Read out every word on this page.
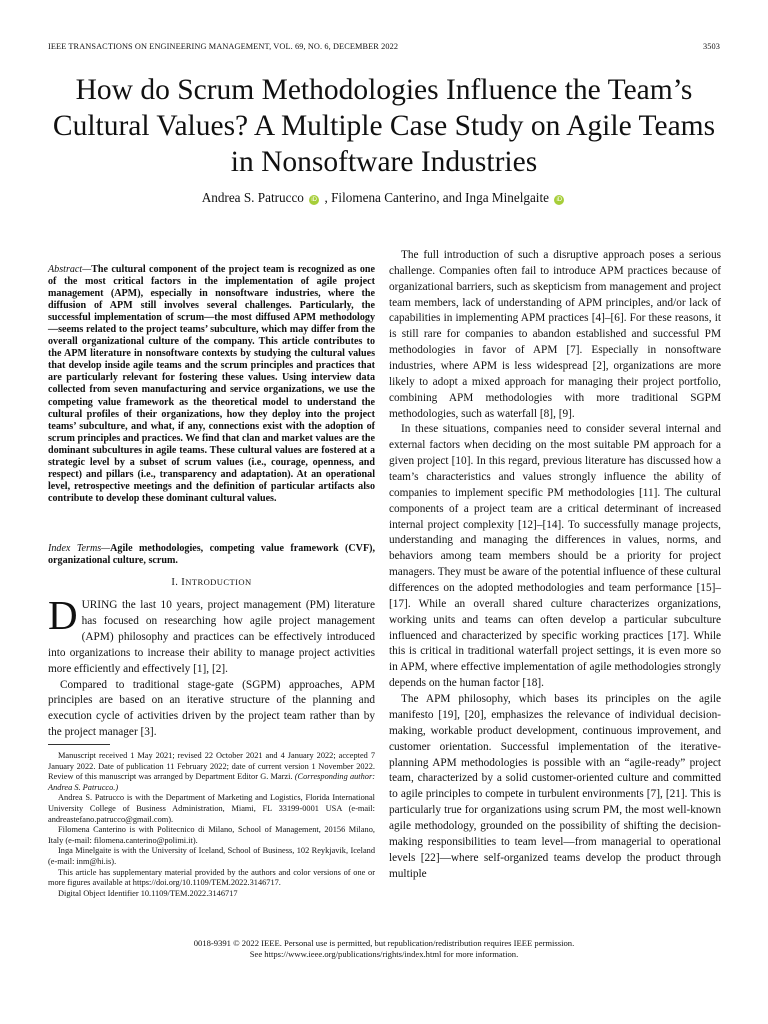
IEEE TRANSACTIONS ON ENGINEERING MANAGEMENT, VOL. 69, NO. 6, DECEMBER 2022	3503
How do Scrum Methodologies Influence the Team’s Cultural Values? A Multiple Case Study on Agile Teams in Nonsoftware Industries
Andrea S. Patrucco iD , Filomena Canterino, and Inga Minelgaite iD
Abstract—The cultural component of the project team is recognized as one of the most critical factors in the implementation of agile project management (APM), especially in nonsoftware industries, where the diffusion of APM still involves several challenges. Particularly, the successful implementation of scrum—the most diffused APM methodology—seems related to the project teams’ subculture, which may differ from the overall organizational culture of the company. This article contributes to the APM literature in nonsoftware contexts by studying the cultural values that develop inside agile teams and the scrum principles and practices that are particularly relevant for fostering these values. Using interview data collected from seven manufacturing and service organizations, we use the competing value framework as the theoretical model to understand the cultural profiles of their organizations, how they deploy into the project teams’ subculture, and what, if any, connections exist with the adoption of scrum principles and practices. We find that clan and market values are the dominant subcultures in agile teams. These cultural values are fostered at a strategic level by a subset of scrum values (i.e., courage, openness, and respect) and pillars (i.e., transparency and adaptation). At an operational level, retrospective meetings and the definition of particular artifacts also contribute to develop these dominant cultural values.
Index Terms—Agile methodologies, competing value framework (CVF), organizational culture, scrum.
I. INTRODUCTION

DURING the last 10 years, project management (PM) literature has focused on researching how agile project management (APM) philosophy and practices can be effectively introduced into organizations to increase their ability to manage project activities more efficiently and effectively [1], [2].

Compared to traditional stage-gate (SGPM) approaches, APM principles are based on an iterative structure of the planning and execution cycle of activities driven by the project team rather than by the project manager [3].

Manuscript received 1 May 2021; revised 22 October 2021 and 4 January 2022; accepted 7 January 2022. Date of publication 11 February 2022; date of current version 1 November 2022. Review of this manuscript was arranged by Department Editor G. Marzi. (Corresponding author: Andrea S. Patrucco.)

Andrea S. Patrucco is with the Department of Marketing and Logistics, Florida International University College of Business Administration, Miami, FL 33199-0001 USA (e-mail: andreastefano.patrucco@gmail.com).

Filomena Canterino is with Politecnico di Milano, School of Management, 20156 Milano, Italy (e-mail: filomena.canterino@polimi.it).

Inga Minelgaite is with the University of Iceland, School of Business, 102 Reykjavik, Iceland (e-mail: inm@hi.is).

This article has supplementary material provided by the authors and color versions of one or more figures available at https://doi.org/10.1109/TEM.2022.3146717.

Digital Object Identifier 10.1109/TEM.2022.3146717

The full introduction of such a disruptive approach poses a serious challenge. Companies often fail to introduce APM practices because of organizational barriers, such as skepticism from management and project team members, lack of understanding of APM principles, and/or lack of capabilities in implementing APM practices [4]–[6]. For these reasons, it is still rare for companies to abandon established and successful PM methodologies in favor of APM [7]. Especially in nonsoftware industries, where APM is less widespread [2], organizations are more likely to adopt a mixed approach for managing their project portfolio, combining APM methodologies with more traditional SGPM methodologies, such as waterfall [8], [9].

In these situations, companies need to consider several internal and external factors when deciding on the most suitable PM approach for a given project [10]. In this regard, previous literature has discussed how a team’s characteristics and values strongly influence the ability of companies to implement specific PM methodologies [11]. The cultural components of a project team are a critical determinant of increased internal project complexity [12]–[14]. To successfully manage projects, understanding and managing the differences in values, norms, and behaviors among team members should be a priority for project managers. They must be aware of the potential influence of these cultural differences on the adopted methodologies and team performance [15]–[17]. While an overall shared culture characterizes organizations, working units and teams can often develop a particular subculture influenced and characterized by specific working practices [17]. While this is critical in traditional waterfall project settings, it is even more so in APM, where effective implementation of agile methodologies strongly depends on the human factor [18].

The APM philosophy, which bases its principles on the agile manifesto [19], [20], emphasizes the relevance of individual decision-making, workable product development, continuous improvement, and customer orientation. Successful implementation of the iterative-planning APM methodologies is possible with an “agile-ready” project team, characterized by a solid customer-oriented culture and committed to agile principles to compete in turbulent environments [7], [21]. This is particularly true for organizations using scrum PM, the most well-known agile methodology, grounded on the possibility of shifting the decision-making responsibilities to team level—from managerial to operational levels [22]—where self-organized teams develop the product through multiple

0018-9391 © 2022 IEEE. Personal use is permitted, but republication/redistribution requires IEEE permission.
See https://www.ieee.org/publications/rights/index.html for more information.
